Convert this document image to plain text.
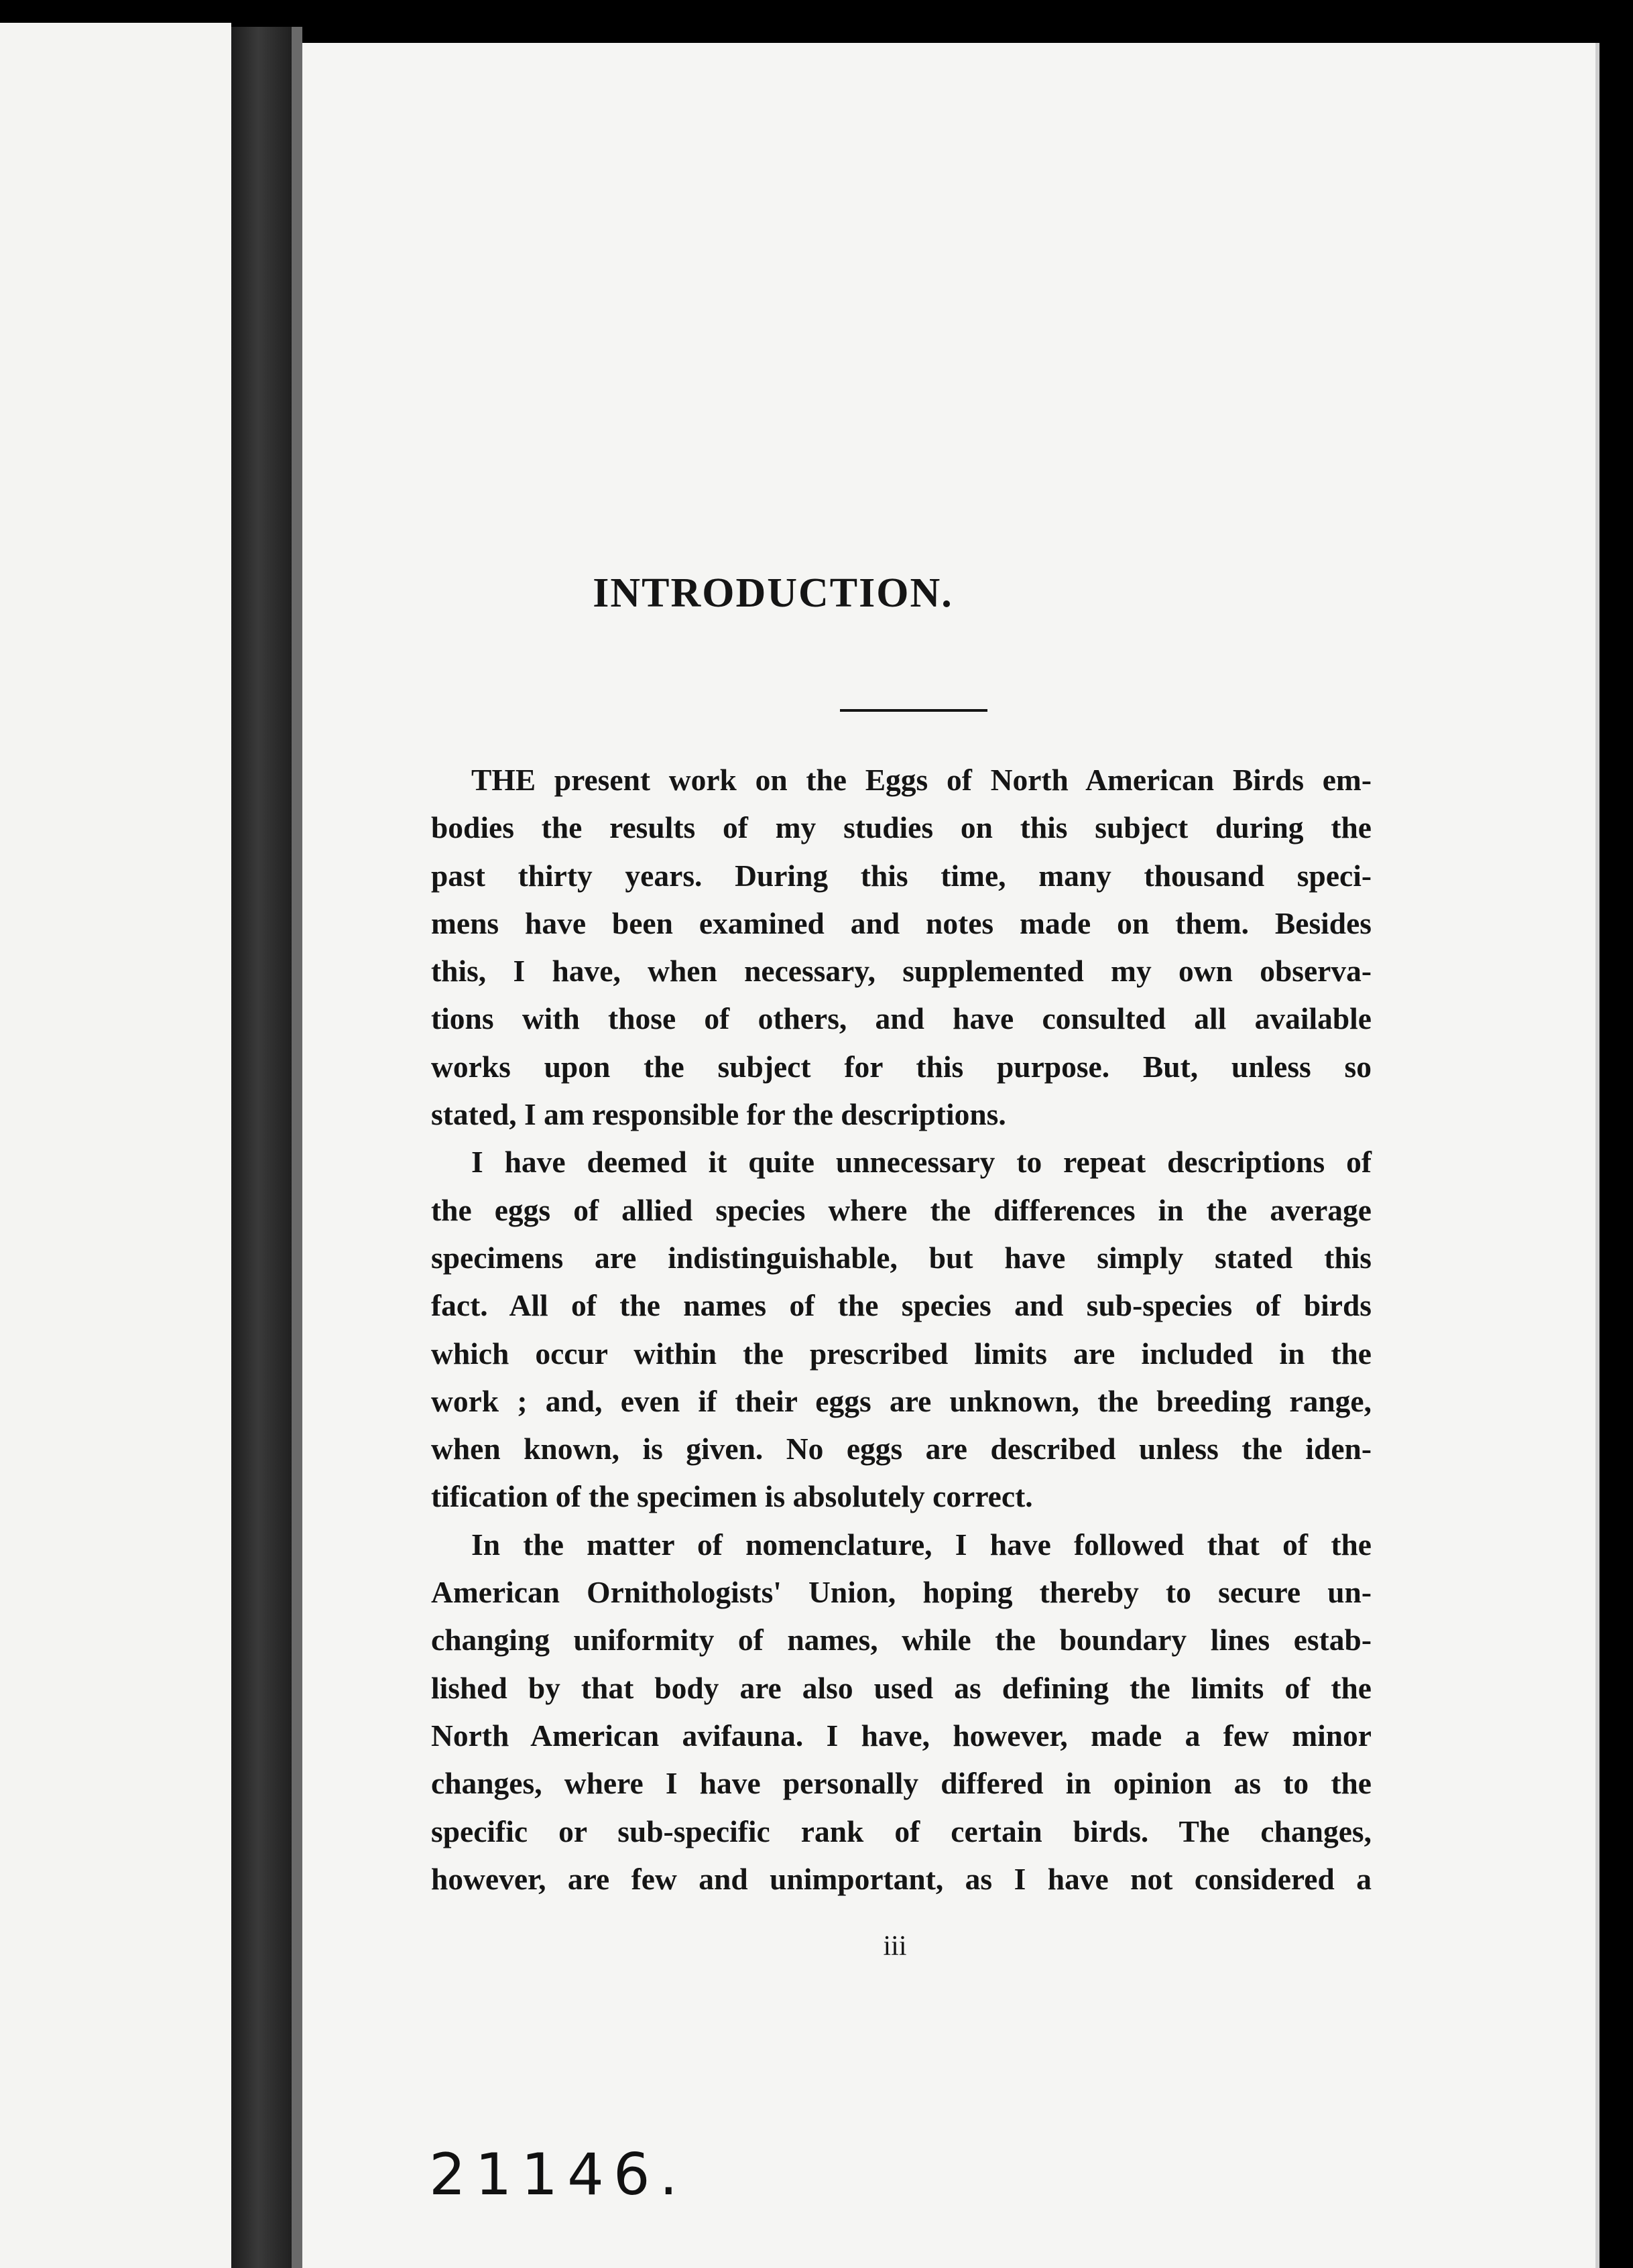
INTRODUCTION.
THE present work on the Eggs of North American Birds em-
bodies the results of my studies on this subject during the
past thirty years. During this time, many thousand speci-
mens have been examined and notes made on them. Besides
this, I have, when necessary, supplemented my own observa-
tions with those of others, and have consulted all available
works upon the subject for this purpose. But, unless so
stated, I am responsible for the descriptions.
I have deemed it quite unnecessary to repeat descriptions of
the eggs of allied species where the differences in the average
specimens are indistinguishable, but have simply stated this
fact. All of the names of the species and sub-species of birds
which occur within the prescribed limits are included in the
work ; and, even if their eggs are unknown, the breeding range,
when known, is given. No eggs are described unless the iden-
tification of the specimen is absolutely correct.
In the matter of nomenclature, I have followed that of the
American Ornithologists' Union, hoping thereby to secure un-
changing uniformity of names, while the boundary lines estab-
lished by that body are also used as defining the limits of the
North American avifauna. I have, however, made a few minor
changes, where I have personally differed in opinion as to the
specific or sub-specific rank of certain birds. The changes,
however, are few and unimportant, as I have not considered a
iii
21146.
